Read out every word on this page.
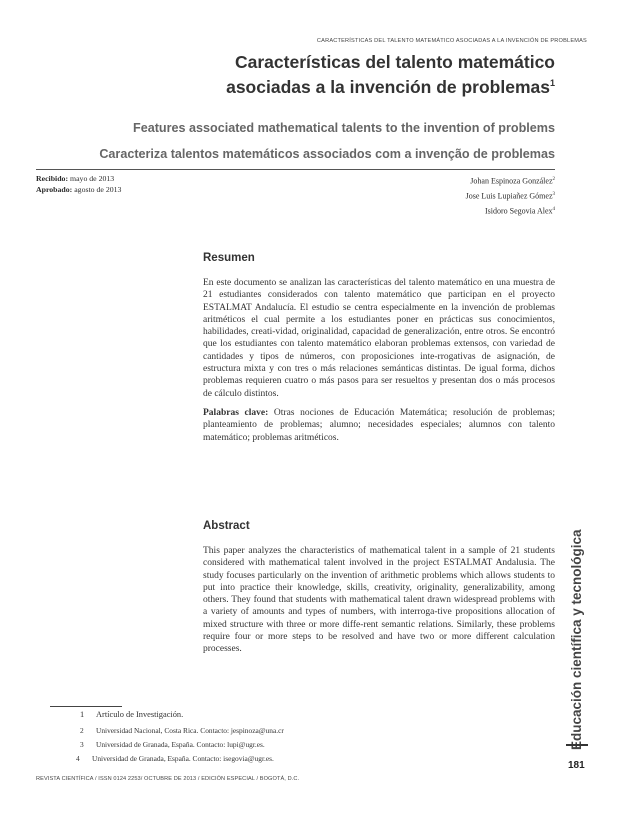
CARACTERÍSTICAS DEL TALENTO MATEMÁTICO ASOCIADAS A LA INVENCIÓN DE PROBLEMAS
Características del talento matemático
asociadas a la invención de problemas$^1$
Features associated mathematical talents to the invention of problems
Caracteriza talentos matemáticos associados com a invenção de problemas
Recibido: mayo de 2013
Aprobado: agosto de 2013
Johan Espinoza González$^2$
Jose Luis Lupiañez Gómez$^3$
Isidoro Segovia Alex$^4$
Resumen

En este documento se analizan las características del talento matemático en una muestra de 21 estudiantes considerados con talento matemático que participan en el proyecto ESTALMAT Andalucía. El estudio se centra especialmente en la invención de problemas aritméticos el cual permite a los estudiantes poner en prácticas sus conocimientos, habilidades, creati-vidad, originalidad, capacidad de generalización, entre otros. Se encontró que los estudiantes con talento matemático elaboran problemas extensos, con variedad de cantidades y tipos de números, con proposiciones inte-rrogativas de asignación, de estructura mixta y con tres o más relaciones semánticas distintas. De igual forma, dichos problemas requieren cuatro o más pasos para ser resueltos y presentan dos o más procesos de cálculo distintos.

Palabras clave: Otras nociones de Educación Matemática; resolución de problemas; planteamiento de problemas; alumno; necesidades especiales; alumnos con talento matemático; problemas aritméticos.

Abstract

This paper analyzes the characteristics of mathematical talent in a sample of 21 students considered with mathematical talent involved in the project ESTALMAT Andalusia. The study focuses particularly on the invention of arithmetic problems which allows students to put into practice their knowledge, skills, creativity, originality, generalizability, among others. They found that students with mathematical talent drawn widespread problems with a variety of amounts and types of numbers, with interroga-tive propositions allocation of mixed structure with three or more diffe-rent semantic relations. Similarly, these problems require four or more steps to be resolved and have two or more different calculation processes.	Educación científica y tecnológica
1 Artículo de Investigación.
2 Universidad Nacional, Costa Rica. Contacto: jespinoza@una.cr
3 Universidad de Granada, España. Contacto: lupi@ugr.es.
4 Universidad de Granada, España. Contacto: isegovia@ugr.es.
REVISTA CIENTÍFICA / ISSN 0124 2253/ OCTUBRE DE 2013 / EDICIÓN ESPECIAL / BOGOTÁ, D.C.
181
